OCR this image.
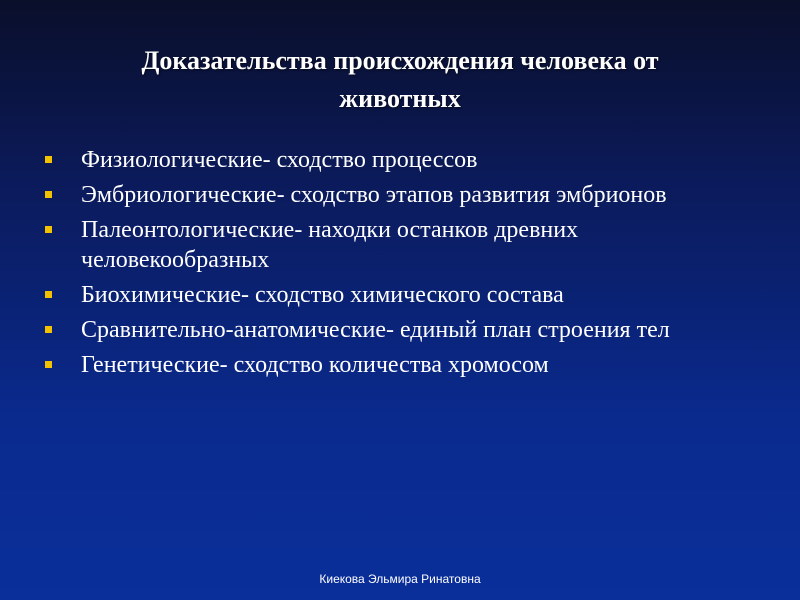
Доказательства происхождения человека от
животных
Физиологические- сходство процессов
Эмбриологические- сходство этапов развития эмбрионов
Палеонтологические- находки останков древних человекообразных
Биохимические- сходство химического состава
Сравнительно-анатомические- единый план строения тел
Генетические- сходство количества хромосом
Киекова Эльмира Ринатовна
